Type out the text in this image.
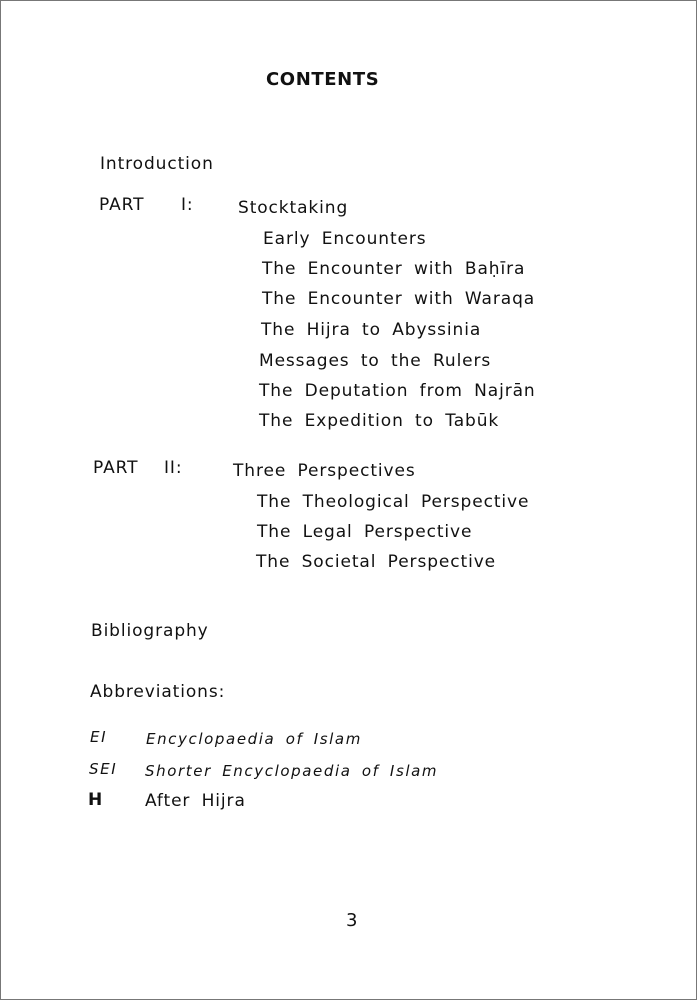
CONTENTS
Introduction
PART I:	Stocktaking
Early Encounters
The Encounter with Baḥīra
The Encounter with Waraqa
The Hijra to Abyssinia
Messages to the Rulers
The Deputation from Najrān
The Expedition to Tabūk
PART II:	Three Perspectives
The Theological Perspective
The Legal Perspective
The Societal Perspective
Bibliography
Abbreviations:
EI	Encyclopaedia of Islam
SEI Shorter Encyclopaedia of Islam
H After Hijra
3
